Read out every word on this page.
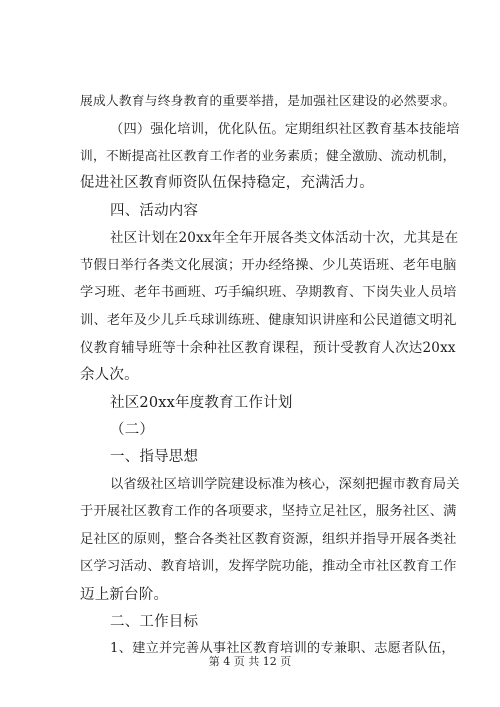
展成人教育与终身教育的重要举措，是加强社区建设的必然要求。
（四）强化培训，优化队伍。定期组织社区教育基本技能培
训，不断提高社区教育工作者的业务素质；健全激励、流动机制，
促进社区教育师资队伍保持稳定，充满活力。
四、活动内容
社区计划在20xx年全年开展各类文体活动十次，尤其是在
节假日举行各类文化展演；开办经络操、少儿英语班、老年电脑
学习班、老年书画班、巧手编织班、孕期教育、下岗失业人员培
训、老年及少儿乒乓球训练班、健康知识讲座和公民道德文明礼
仪教育辅导班等十余种社区教育课程，预计受教育人次达20xx
余人次。
社区20xx年度教育工作计划
（二）
一、指导思想
以省级社区培训学院建设标准为核心，深刻把握市教育局关
于开展社区教育工作的各项要求，坚持立足社区，服务社区、满
足社区的原则，整合各类社区教育资源，组织并指导开展各类社
区学习活动、教育培训，发挥学院功能，推动全市社区教育工作
迈上新台阶。
二、工作目标
1、建立并完善从事社区教育培训的专兼职、志愿者队伍，
第 4 页 共 12 页
